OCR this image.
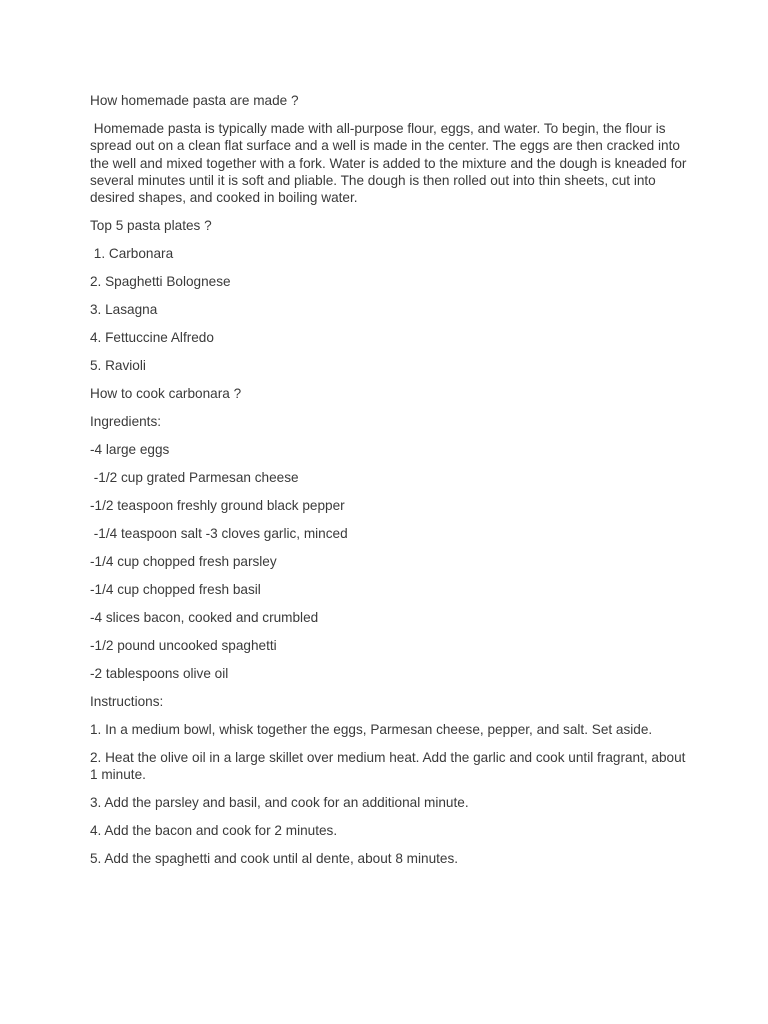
How homemade pasta are made ?

Homemade pasta is typically made with all-purpose flour, eggs, and water. To begin, the flour is spread out on a clean flat surface and a well is made in the center. The eggs are then cracked into the well and mixed together with a fork. Water is added to the mixture and the dough is kneaded for several minutes until it is soft and pliable. The dough is then rolled out into thin sheets, cut into desired shapes, and cooked in boiling water.

Top 5 pasta plates ?

1. Carbonara

2. Spaghetti Bolognese

3. Lasagna

4. Fettuccine Alfredo

5. Ravioli

How to cook carbonara ?

Ingredients:

-4 large eggs

-1/2 cup grated Parmesan cheese

-1/2 teaspoon freshly ground black pepper

-1/4 teaspoon salt -3 cloves garlic, minced

-1/4 cup chopped fresh parsley

-1/4 cup chopped fresh basil

-4 slices bacon, cooked and crumbled

-1/2 pound uncooked spaghetti

-2 tablespoons olive oil

Instructions:

1. In a medium bowl, whisk together the eggs, Parmesan cheese, pepper, and salt. Set aside.

2. Heat the olive oil in a large skillet over medium heat. Add the garlic and cook until fragrant, about 1 minute.

3. Add the parsley and basil, and cook for an additional minute.

4. Add the bacon and cook for 2 minutes.

5. Add the spaghetti and cook until al dente, about 8 minutes.
